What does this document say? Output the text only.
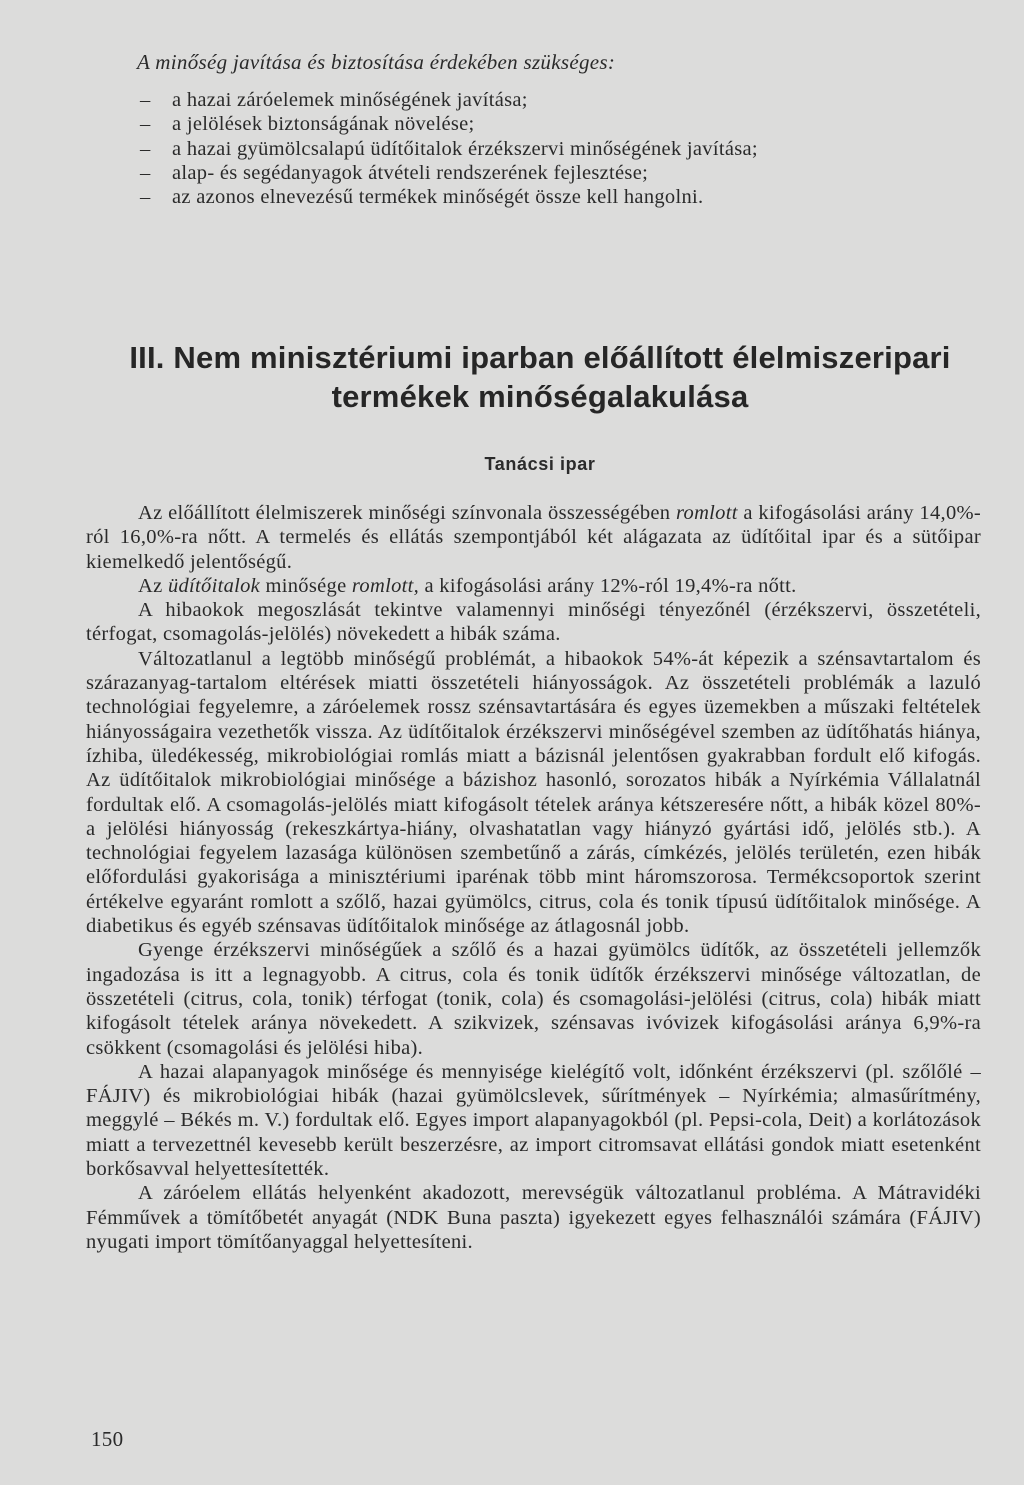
A minőség javítása és biztosítása érdekében szükséges:
– a hazai záróelemek minőségének javítása;
– a jelölések biztonságának növelése;
– a hazai gyümölcsalapú üdítőitalok érzékszervi minőségének javítása;
– alap- és segédanyagok átvételi rendszerének fejlesztése;
– az azonos elnevezésű termékek minőségét össze kell hangolni.
III. Nem minisztériumi iparban előállított élelmiszeripari
termékek minőségalakulása
Tanácsi ipar

Az előállított élelmiszerek minőségi színvonala összességében romlott a kifogásolási arány 14,0%-ról 16,0%-ra nőtt. A termelés és ellátás szempontjából két alágazata az üdítőital ipar és a sütőipar kiemelkedő jelentőségű.

Az üdítőitalok minősége romlott, a kifogásolási arány 12%-ról 19,4%-ra nőtt.

A hibaokok megoszlását tekintve valamennyi minőségi tényezőnél (érzékszervi, összetételi, térfogat, csomagolás-jelölés) növekedett a hibák száma.

Változatlanul a legtöbb minőségű problémát, a hibaokok 54%-át képezik a szénsavtartalom és szárazanyag-tartalom eltérések miatti összetételi hiányosságok. Az összetételi problémák a lazuló technológiai fegyelemre, a záróelemek rossz szénsavtartására és egyes üzemekben a műszaki feltételek hiányosságaira vezethetők vissza. Az üdítőitalok érzékszervi minőségével szemben az üdítőhatás hiánya, ízhiba, üledékesség, mikrobiológiai romlás miatt a bázisnál jelentősen gyakrabban fordult elő kifogás. Az üdítőitalok mikrobiológiai minősége a bázishoz hasonló, sorozatos hibák a Nyírkémia Vállalatnál fordultak elő. A csomagolás-jelölés miatt kifogásolt tételek aránya kétszeresére nőtt, a hibák közel 80%-a jelölési hiányosság (rekeszkártya-hiány, olvashatatlan vagy hiányzó gyártási idő, jelölés stb.). A technológiai fegyelem lazasága különösen szembetűnő a zárás, címkézés, jelölés területén, ezen hibák előfordulási gyakorisága a minisztériumi iparénak több mint háromszorosa. Termékcsoportok szerint értékelve egyaránt romlott a szőlő, hazai gyümölcs, citrus, cola és tonik típusú üdítőitalok minősége. A diabetikus és egyéb szénsavas üdítőitalok minősége az átlagosnál jobb.

Gyenge érzékszervi minőségűek a szőlő és a hazai gyümölcs üdítők, az összetételi jellemzők ingadozása is itt a legnagyobb. A citrus, cola és tonik üdítők érzékszervi minősége változatlan, de összetételi (citrus, cola, tonik) térfogat (tonik, cola) és csomagolási-jelölési (citrus, cola) hibák miatt kifogásolt tételek aránya növekedett. A szikvizek, szénsavas ivóvizek kifogásolási aránya 6,9%-ra csökkent (csomagolási és jelölési hiba).

A hazai alapanyagok minősége és mennyisége kielégítő volt, időnként érzékszervi (pl. szőlőlé – FÁJIV) és mikrobiológiai hibák (hazai gyümölcslevek, sűrítmények – Nyírkémia; almasűrítmény, meggylé – Békés m. V.) fordultak elő. Egyes import alapanyagokból (pl. Pepsi-cola, Deit) a korlátozások miatt a tervezettnél kevesebb került beszerzésre, az import citromsavat ellátási gondok miatt esetenként borkősavval helyettesítették.

A záróelem ellátás helyenként akadozott, merevségük változatlanul probléma. A Mátravidéki Fémművek a tömítőbetét anyagát (NDK Buna paszta) igyekezett egyes felhasználói számára (FÁJIV) nyugati import tömítőanyaggal helyettesíteni.

150
